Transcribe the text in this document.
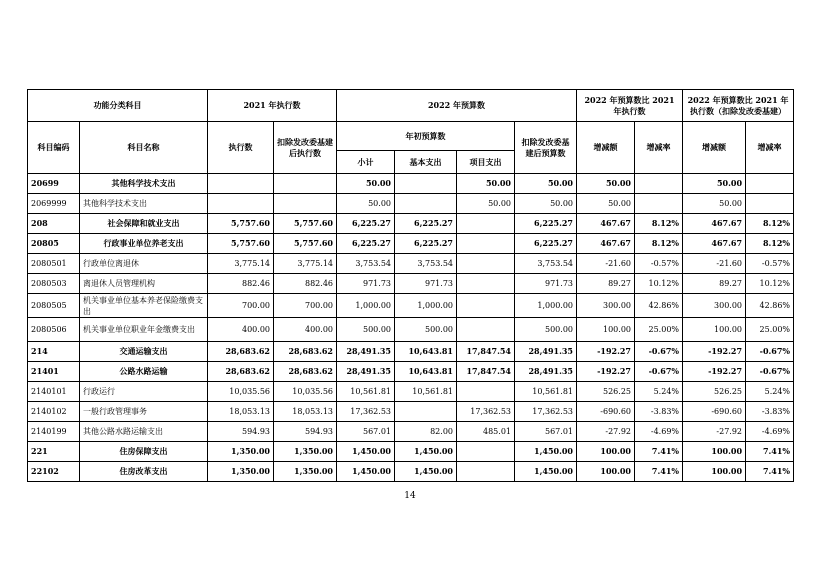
功能分类科目		2021 年执行数		2022 年预算数				2022 年预算数比 2021 年执行数		2022 年预算数比 2021 年执行数（扣除发改委基建）	
科目编码	科目名称	执行数	扣除发改委基建后执行数	年初预算数			扣除发改委基建后预算数	增减额	增减率	增减额	增减率
				小计	基本支出	项目支出					
20699	其他科学技术支出			50.00		50.00	50.00	50.00		50.00	
2069999	其他科学技术支出			50.00		50.00	50.00	50.00		50.00	
208	社会保障和就业支出	5,757.60	5,757.60	6,225.27	6,225.27		6,225.27	467.67	8.12%	467.67	8.12%
20805	行政事业单位养老支出	5,757.60	5,757.60	6,225.27	6,225.27		6,225.27	467.67	8.12%	467.67	8.12%
2080501	行政单位离退休	3,775.14	3,775.14	3,753.54	3,753.54		3,753.54	-21.60	-0.57%	-21.60	-0.57%
2080503	离退休人员管理机构	882.46	882.46	971.73	971.73		971.73	89.27	10.12%	89.27	10.12%
2080505	机关事业单位基本养老保险缴费支出	700.00	700.00	1,000.00	1,000.00		1,000.00	300.00	42.86%	300.00	42.86%
2080506	机关事业单位职业年金缴费支出	400.00	400.00	500.00	500.00		500.00	100.00	25.00%	100.00	25.00%
214	交通运输支出	28,683.62	28,683.62	28,491.35	10,643.81	17,847.54	28,491.35	-192.27	-0.67%	-192.27	-0.67%
21401	公路水路运输	28,683.62	28,683.62	28,491.35	10,643.81	17,847.54	28,491.35	-192.27	-0.67%	-192.27	-0.67%
2140101	行政运行	10,035.56	10,035.56	10,561.81	10,561.81		10,561.81	526.25	5.24%	526.25	5.24%
2140102	一般行政管理事务	18,053.13	18,053.13	17,362.53		17,362.53	17,362.53	-690.60	-3.83%	-690.60	-3.83%
2140199	其他公路水路运输支出	594.93	594.93	567.01	82.00	485.01	567.01	-27.92	-4.69%	-27.92	-4.69%
221	住房保障支出	1,350.00	1,350.00	1,450.00	1,450.00		1,450.00	100.00	7.41%	100.00	7.41%
22102	住房改革支出	1,350.00	1,350.00	1,450.00	1,450.00		1,450.00	100.00	7.41%	100.00	7.41%
14
